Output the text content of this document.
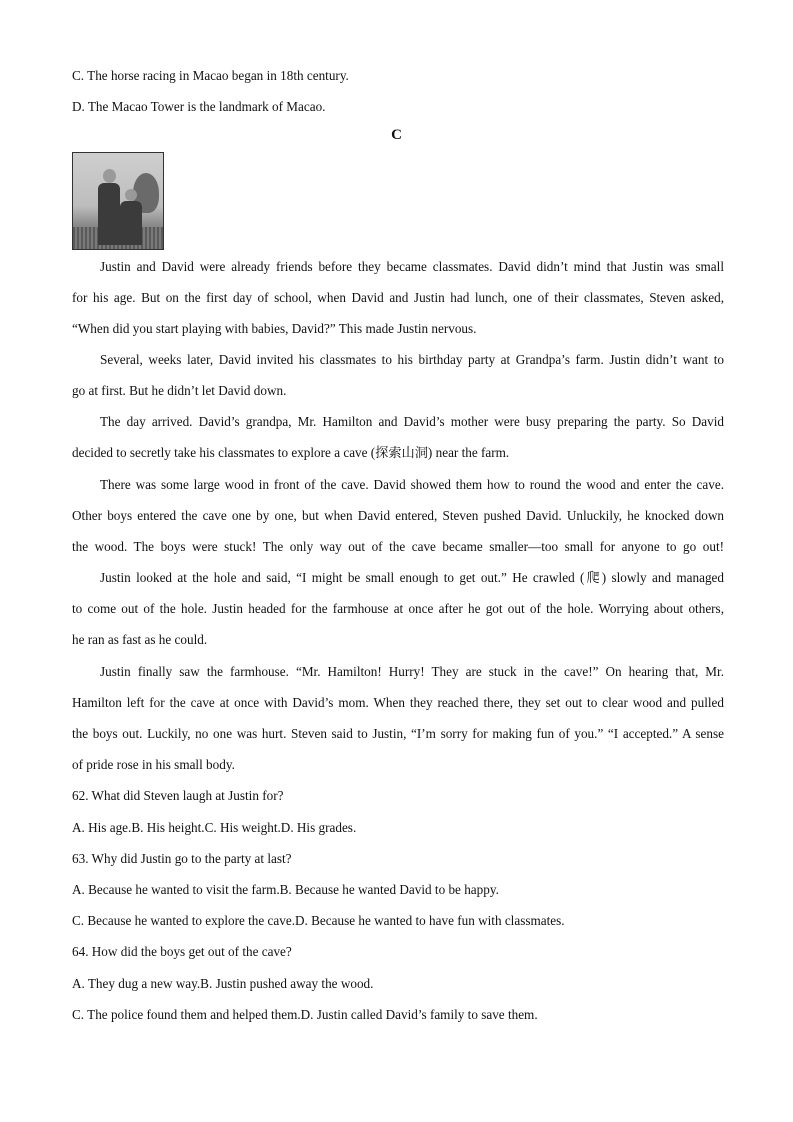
C. The horse racing in Macao began in 18th century.
D. The Macao Tower is the landmark of Macao.
C
Justin and David were already friends before they became classmates. David didn’t mind that Justin was small
for his age. But on the first day of school, when David and Justin had lunch, one of their classmates, Steven asked,
“When did you start playing with babies, David?” This made Justin nervous.
Several, weeks later, David invited his classmates to his birthday party at Grandpa’s farm. Justin didn’t want to
go at first. But he didn’t let David down.
The day arrived. David’s grandpa, Mr. Hamilton and David’s mother were busy preparing the party. So David
decided to secretly take his classmates to explore a cave (探索山洞) near the farm.
There was some large wood in front of the cave. David showed them how to round the wood and enter the cave.
Other boys entered the cave one by one, but when David entered, Steven pushed David. Unluckily, he knocked down
the wood. The boys were stuck! The only way out of the cave became smaller—too small for anyone to go out!
Justin looked at the hole and said, “I might be small enough to get out.” He crawled (爬) slowly and managed
to come out of the hole. Justin headed for the farmhouse at once after he got out of the hole. Worrying about others,
he ran as fast as he could.
Justin finally saw the farmhouse. “Mr. Hamilton! Hurry! They are stuck in the cave!” On hearing that, Mr.
Hamilton left for the cave at once with David’s mom. When they reached there, they set out to clear wood and pulled
the boys out. Luckily, no one was hurt. Steven said to Justin, “I’m sorry for making fun of you.” “I accepted.” A sense
of pride rose in his small body.
62. What did Steven laugh at Justin for?
A. His age.B. His height.C. His weight.D. His grades.
63. Why did Justin go to the party at last?
A. Because he wanted to visit the farm.B. Because he wanted David to be happy.
C. Because he wanted to explore the cave.D. Because he wanted to have fun with classmates.
64. How did the boys get out of the cave?
A. They dug a new way.B. Justin pushed away the wood.
C. The police found them and helped them.D. Justin called David’s family to save them.
